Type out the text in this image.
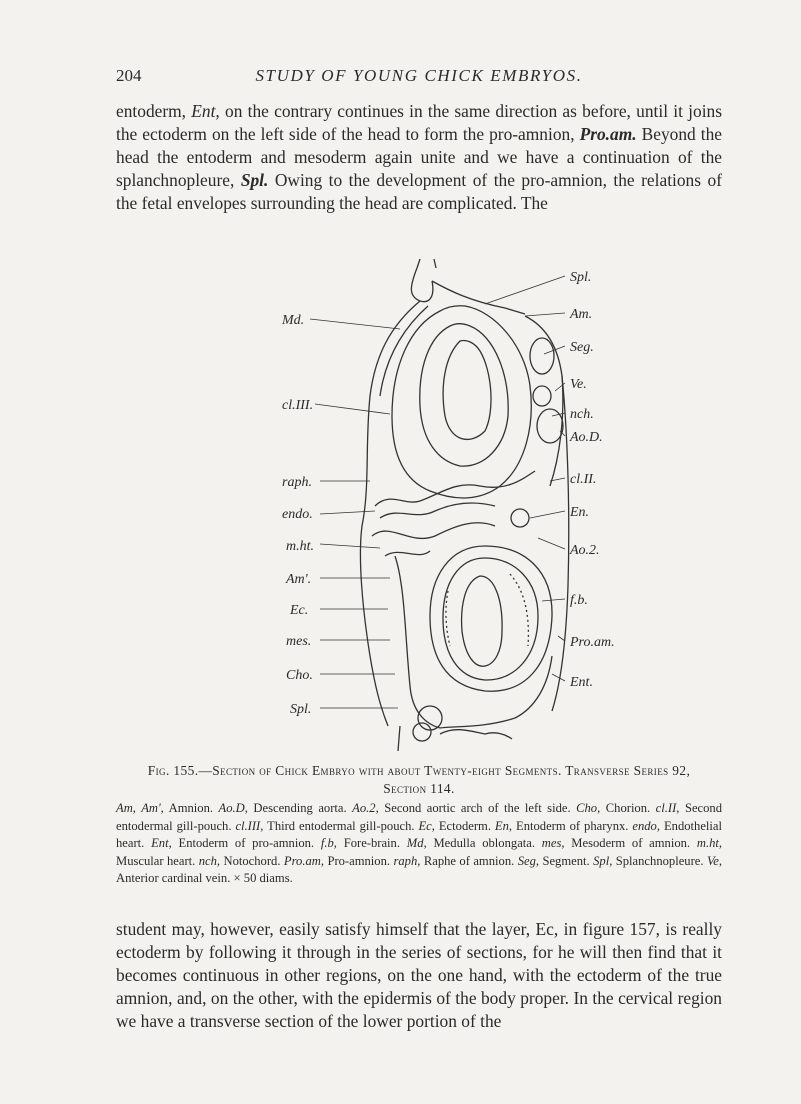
204	STUDY OF YOUNG CHICK EMBRYOS.

entoderm, Ent, on the contrary continues in the same direction as before, until it joins the ectoderm on the left side of the head to form the pro-amnion, Pro.am. Beyond the head the entoderm and mesoderm again unite and we have a continuation of the splanchnopleure, Spl. Owing to the development of the pro-amnion, the relations of the fetal envelopes surrounding the head are complicated. The

Md.
cl.III.
raph.
endo.
m.ht.
Am'.
Ec.
mes.
Cho.
Spl.
Spl.
Am.
Seg.
Ve.
nch.
Ao.D.
cl.II.
En.
Ao.2.
f.b.
Pro.am.
Ent.
Fig. 155.—Section of Chick Embryo with about Twenty-eight Segments. Transverse Series 92,
Section 114.
Am, Am', Amnion. Ao.D, Descending aorta. Ao.2, Second aortic arch of the left side. Cho, Chorion. cl.II, Second entodermal gill-pouch. cl.III, Third entodermal gill-pouch. Ec, Ectoderm. En, Entoderm of pharynx. endo, Endothelial heart. Ent, Entoderm of pro-amnion. f.b, Fore-brain. Md, Medulla oblongata. mes, Mesoderm of amnion. m.ht, Muscular heart. nch, Notochord. Pro.am, Pro-amnion. raph, Raphe of amnion. Seg, Segment. Spl, Splanchnopleure. Ve, Anterior cardinal vein. × 50 diams.

student may, however, easily satisfy himself that the layer, Ec, in figure 157, is really ectoderm by following it through in the series of sections, for he will then find that it becomes continuous in other regions, on the one hand, with the ectoderm of the true amnion, and, on the other, with the epidermis of the body proper. In the cervical region we have a transverse section of the lower portion of the
